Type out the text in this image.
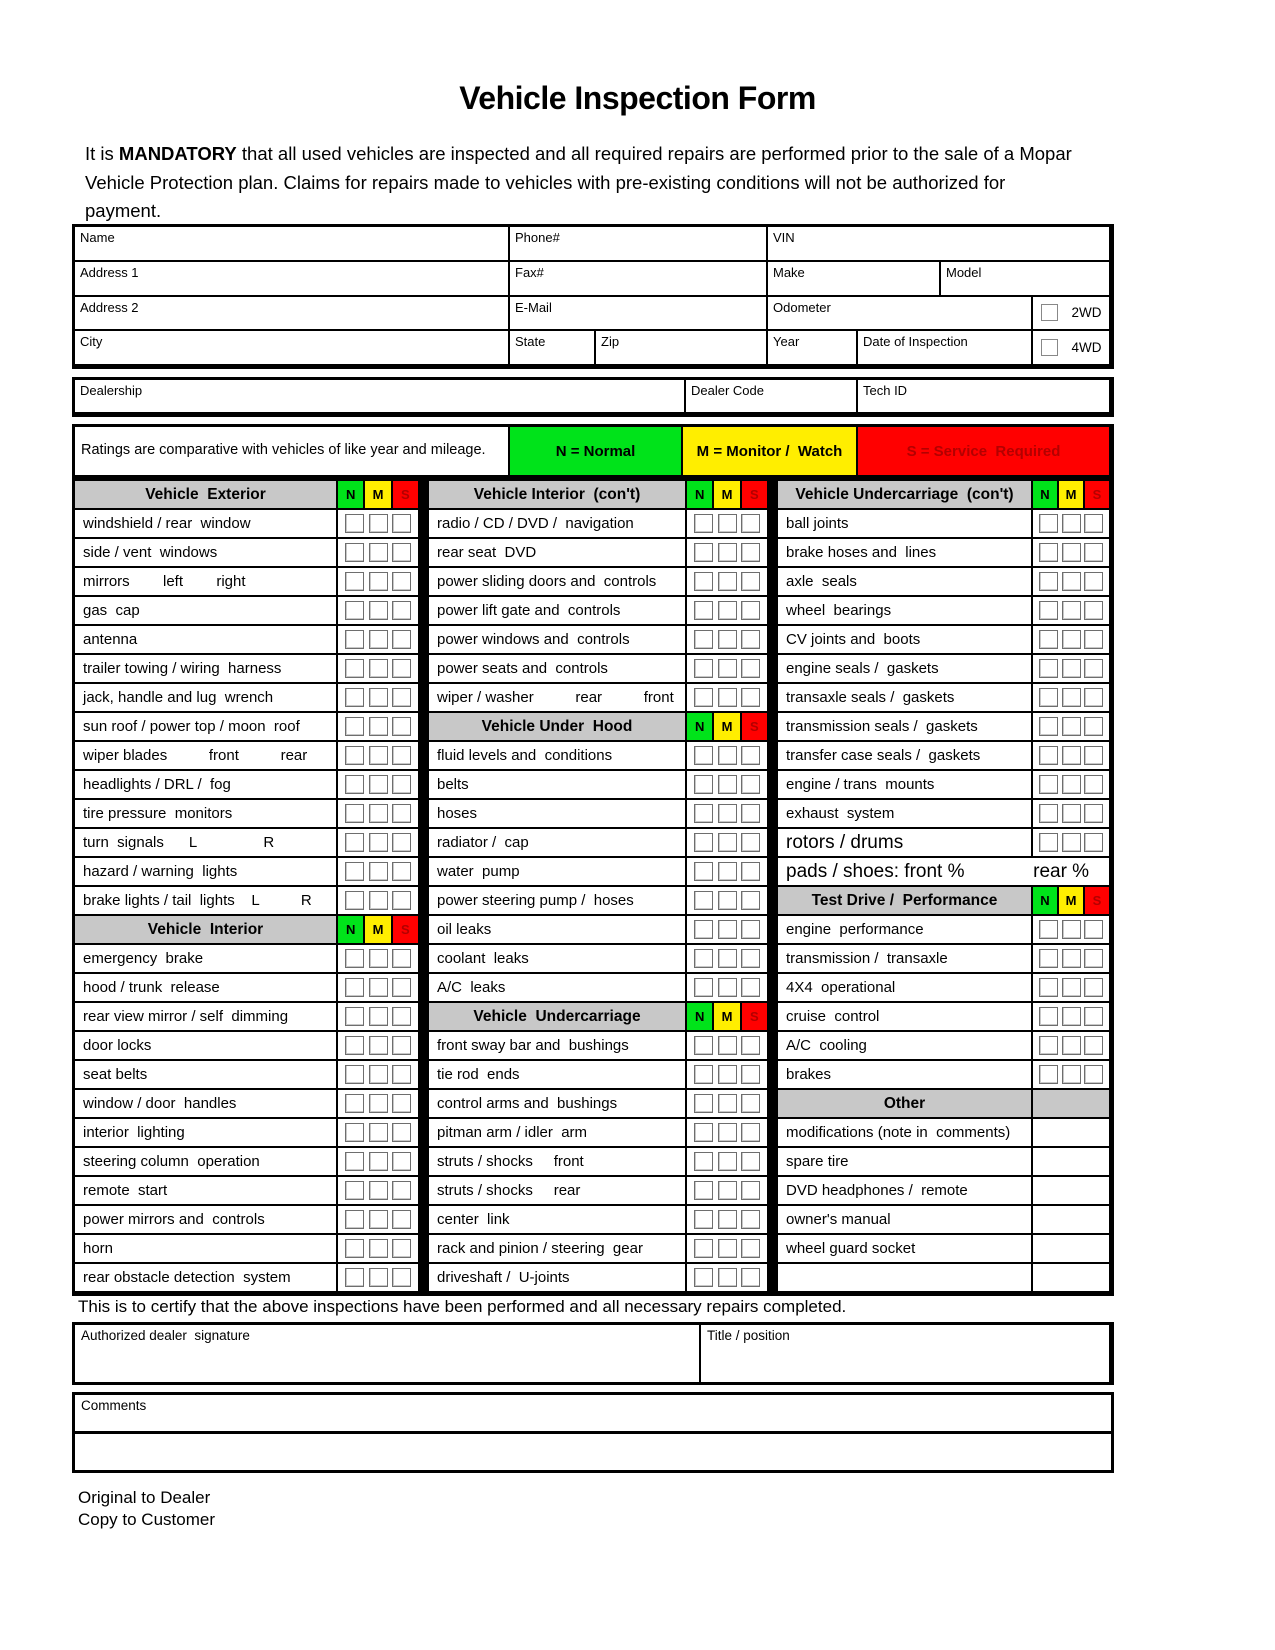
Vehicle Inspection Form
It is MANDATORY that all used vehicles are inspected and all required repairs are performed prior to the sale of a Mopar Vehicle Protection plan. Claims for repairs made to vehicles with pre-existing conditions will not be authorized for payment.
Name	Phone#	VIN
Address 1	Fax#	Make	Model
Address 2	E-Mail	Odometer	2WD
City	State	Zip	Year	Date of Inspection	4WD
Dealership	Dealer Code	Tech ID
Ratings are comparative with vehicles of like year and mileage.	N = Normal	M = Monitor /  Watch	S = Service  Required
Vehicle  Exterior	N	M	S
windshield / rear  window
side / vent  windows
mirrors        left        right
gas  cap
antenna
trailer towing / wiring  harness
jack, handle and lug  wrench
sun roof / power top / moon  roof
wiper blades          front          rear
headlights / DRL /  fog
tire pressure  monitors
turn  signals      L                R
hazard / warning  lights
brake lights / tail  lights    L          R
Vehicle  Interior	N	M	S
emergency  brake
hood / trunk  release
rear view mirror / self  dimming
door locks
seat belts
window / door  handles
interior  lighting
steering column  operation
remote  start
power mirrors and  controls
horn
rear obstacle detection  system
Vehicle Interior  (con't)	N	M	S
radio / CD / DVD /  navigation
rear seat  DVD
power sliding doors and  controls
power lift gate and  controls
power windows and  controls
power seats and  controls
wiper / washer          rear          front
Vehicle Under  Hood	N	M	S
fluid levels and  conditions
belts
hoses
radiator /  cap
water  pump
power steering pump /  hoses
oil leaks
coolant  leaks
A/C  leaks
Vehicle  Undercarriage	N	M	S
front sway bar and  bushings
tie rod  ends
control arms and  bushings
pitman arm / idler  arm
struts / shocks     front
struts / shocks     rear
center  link
rack and pinion / steering  gear
driveshaft /  U-joints
Vehicle Undercarriage  (con't)	N	M	S
ball joints
brake hoses and  lines
axle  seals
wheel  bearings
CV joints and  boots
engine seals /  gaskets
transaxle seals /  gaskets
transmission seals /  gaskets
transfer case seals /  gaskets
engine / trans  mounts
exhaust  system
rotors / drums
pads / shoes: front %             rear %
Test Drive /  Performance	N	M	S
engine  performance
transmission /  transaxle
4X4  operational
cruise  control
A/C  cooling
brakes
Other
modifications (note in  comments)
spare tire
DVD headphones /  remote
owner's manual
wheel guard socket
This is to certify that the above inspections have been performed and all necessary repairs completed.
Authorized dealer  signature	Title / position
Comments
Original to Dealer
Copy to Customer
